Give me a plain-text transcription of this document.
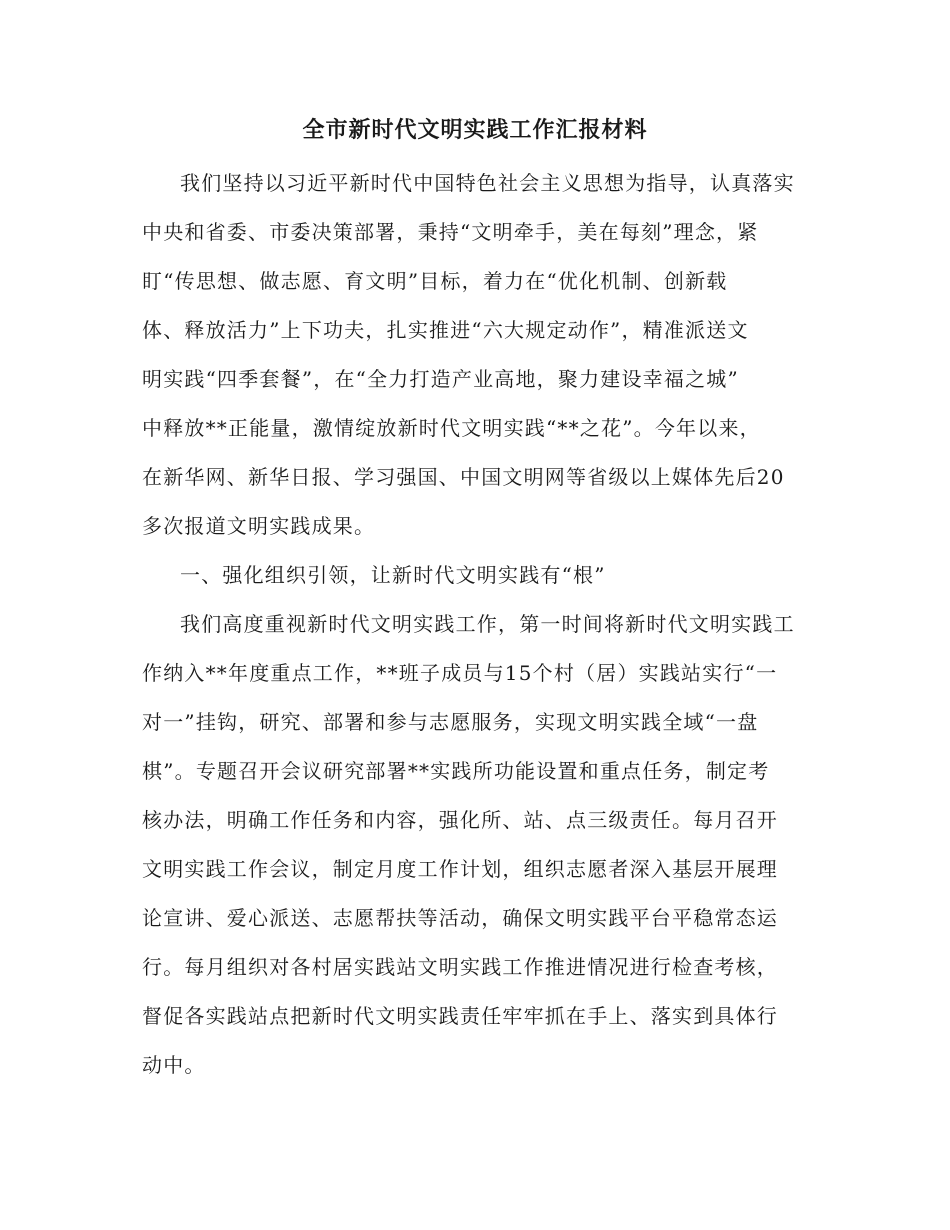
全市新时代文明实践工作汇报材料
我们坚持以习近平新时代中国特色社会主义思想为指导，认真落实
中央和省委、市委决策部署，秉持“文明牵手，美在每刻”理念，紧
盯“传思想、做志愿、育文明”目标，着力在“优化机制、创新载
体、释放活力”上下功夫，扎实推进“六大规定动作”，精准派送文
明实践“四季套餐”，在“全力打造产业高地，聚力建设幸福之城”
中释放**正能量，激情绽放新时代文明实践“**之花”。今年以来，
在新华网、新华日报、学习强国、中国文明网等省级以上媒体先后20
多次报道文明实践成果。
一、强化组织引领，让新时代文明实践有“根”
我们高度重视新时代文明实践工作，第一时间将新时代文明实践工
作纳入**年度重点工作，**班子成员与15个村（居）实践站实行“一
对一”挂钩，研究、部署和参与志愿服务，实现文明实践全域“一盘
棋”。专题召开会议研究部署**实践所功能设置和重点任务，制定考
核办法，明确工作任务和内容，强化所、站、点三级责任。每月召开
文明实践工作会议，制定月度工作计划，组织志愿者深入基层开展理
论宣讲、爱心派送、志愿帮扶等活动，确保文明实践平台平稳常态运
行。每月组织对各村居实践站文明实践工作推进情况进行检查考核，
督促各实践站点把新时代文明实践责任牢牢抓在手上、落实到具体行
动中。
